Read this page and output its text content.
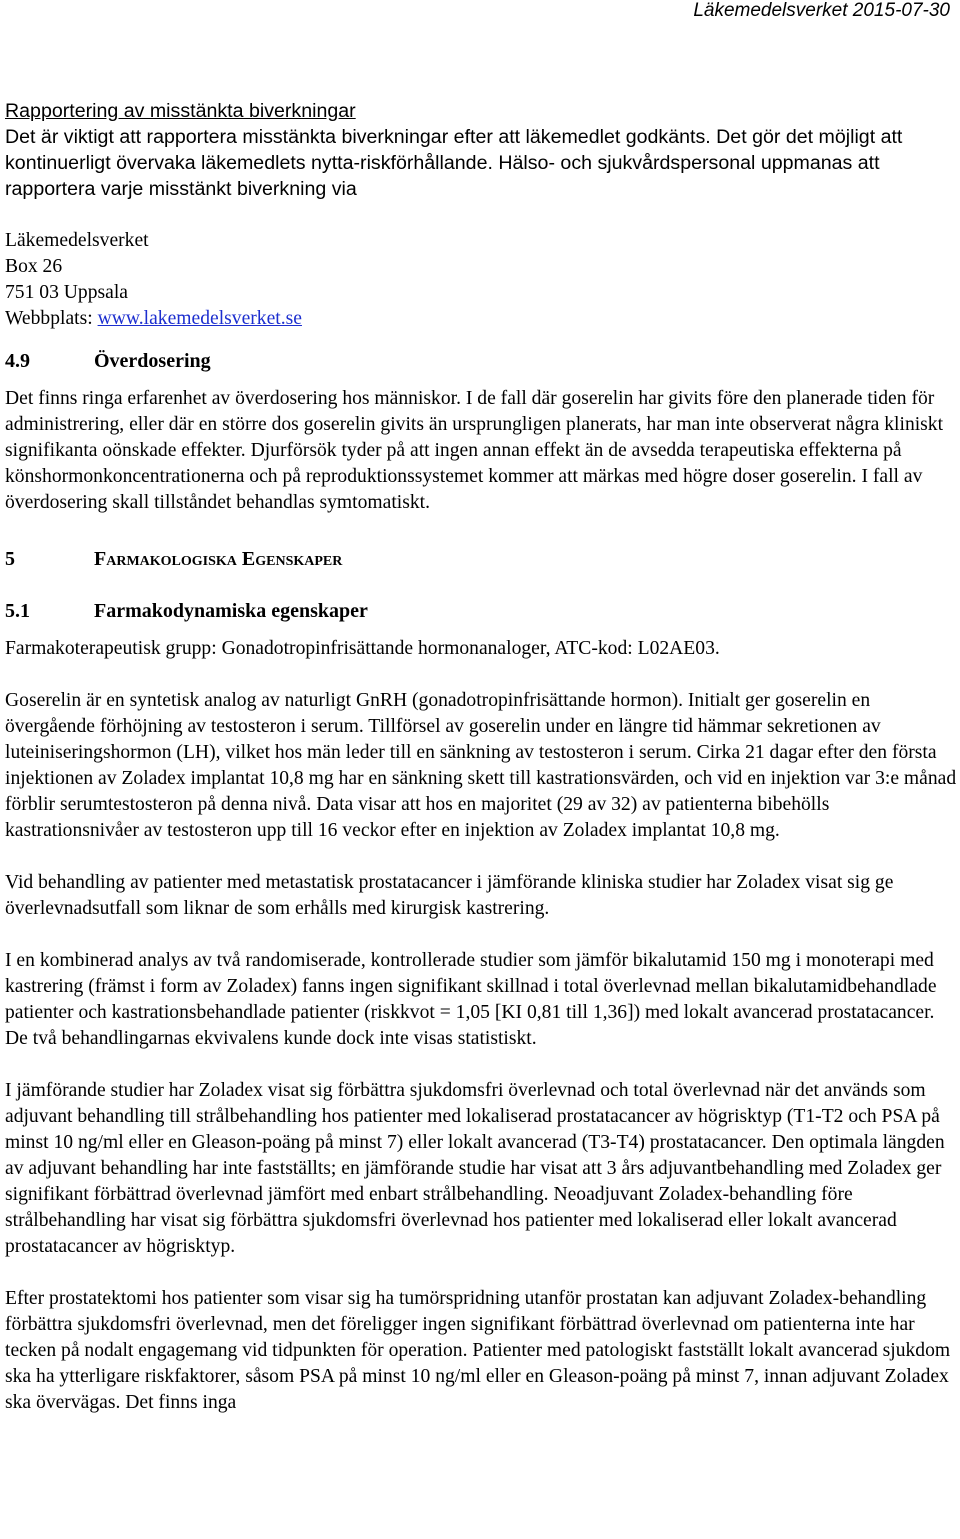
Läkemedelsverket 2015-07-30

Rapportering av misstänkta biverkningar

Det är viktigt att rapportera misstänkta biverkningar efter att läkemedlet godkänts. Det gör det möjligt att kontinuerligt övervaka läkemedlets nytta-riskförhållande. Hälso- och sjukvårdspersonal uppmanas att rapportera varje misstänkt biverkning via

Läkemedelsverket

Box 26

751 03 Uppsala

Webbplats: www.lakemedelsverket.se

4.9	Överdosering

Det finns ringa erfarenhet av överdosering hos människor. I de fall där goserelin har givits före den planerade tiden för administrering, eller där en större dos goserelin givits än ursprungligen planerats, har man inte observerat några kliniskt signifikanta oönskade effekter. Djurförsök tyder på att ingen annan effekt än de avsedda terapeutiska effekterna på könshormonkoncentrationerna och på reproduktionssystemet kommer att märkas med högre doser goserelin. I fall av överdosering skall tillståndet behandlas symtomatiskt.

5	Farmakologiska Egenskaper
5.1	Farmakodynamiska egenskaper

Farmakoterapeutisk grupp: Gonadotropinfrisättande hormonanaloger, ATC-kod: L02AE03.

Goserelin är en syntetisk analog av naturligt GnRH (gonadotropinfrisättande hormon). Initialt ger goserelin en övergående förhöjning av testosteron i serum. Tillförsel av goserelin under en längre tid hämmar sekretionen av luteiniseringshormon (LH), vilket hos män leder till en sänkning av testosteron i serum. Cirka 21 dagar efter den första injektionen av Zoladex implantat 10,8 mg har en sänkning skett till kastrationsvärden, och vid en injektion var 3:e månad förblir serumtestosteron på denna nivå. Data visar att hos en majoritet (29 av 32) av patienterna bibehölls kastrationsnivåer av testosteron upp till 16 veckor efter en injektion av Zoladex implantat 10,8 mg.

Vid behandling av patienter med metastatisk prostatacancer i jämförande kliniska studier har Zoladex visat sig ge överlevnadsutfall som liknar de som erhålls med kirurgisk kastrering.

I en kombinerad analys av två randomiserade, kontrollerade studier som jämför bikalutamid 150 mg i monoterapi med kastrering (främst i form av Zoladex) fanns ingen signifikant skillnad i total överlevnad mellan bikalutamidbehandlade patienter och kastrationsbehandlade patienter (riskkvot = 1,05 [KI 0,81 till 1,36]) med lokalt avancerad prostatacancer. De två behandlingarnas ekvivalens kunde dock inte visas statistiskt.

I jämförande studier har Zoladex visat sig förbättra sjukdomsfri överlevnad och total överlevnad när det används som adjuvant behandling till strålbehandling hos patienter med lokaliserad prostatacancer av högrisktyp (T1-T2 och PSA på minst 10 ng/ml eller en Gleason-poäng på minst 7) eller lokalt avancerad (T3-T4) prostatacancer. Den optimala längden av adjuvant behandling har inte fastställts; en jämförande studie har visat att 3 års adjuvantbehandling med Zoladex ger signifikant förbättrad överlevnad jämfört med enbart strålbehandling. Neoadjuvant Zoladex-behandling före strålbehandling har visat sig förbättra sjukdomsfri överlevnad hos patienter med lokaliserad eller lokalt avancerad prostatacancer av högrisktyp.

Efter prostatektomi hos patienter som visar sig ha tumörspridning utanför prostatan kan adjuvant Zoladex-behandling förbättra sjukdomsfri överlevnad, men det föreligger ingen signifikant förbättrad överlevnad om patienterna inte har tecken på nodalt engagemang vid tidpunkten för operation. Patienter med patologiskt fastställt lokalt avancerad sjukdom ska ha ytterligare riskfaktorer, såsom PSA på minst 10 ng/ml eller en Gleason-poäng på minst 7, innan adjuvant Zoladex ska övervägas. Det finns inga
